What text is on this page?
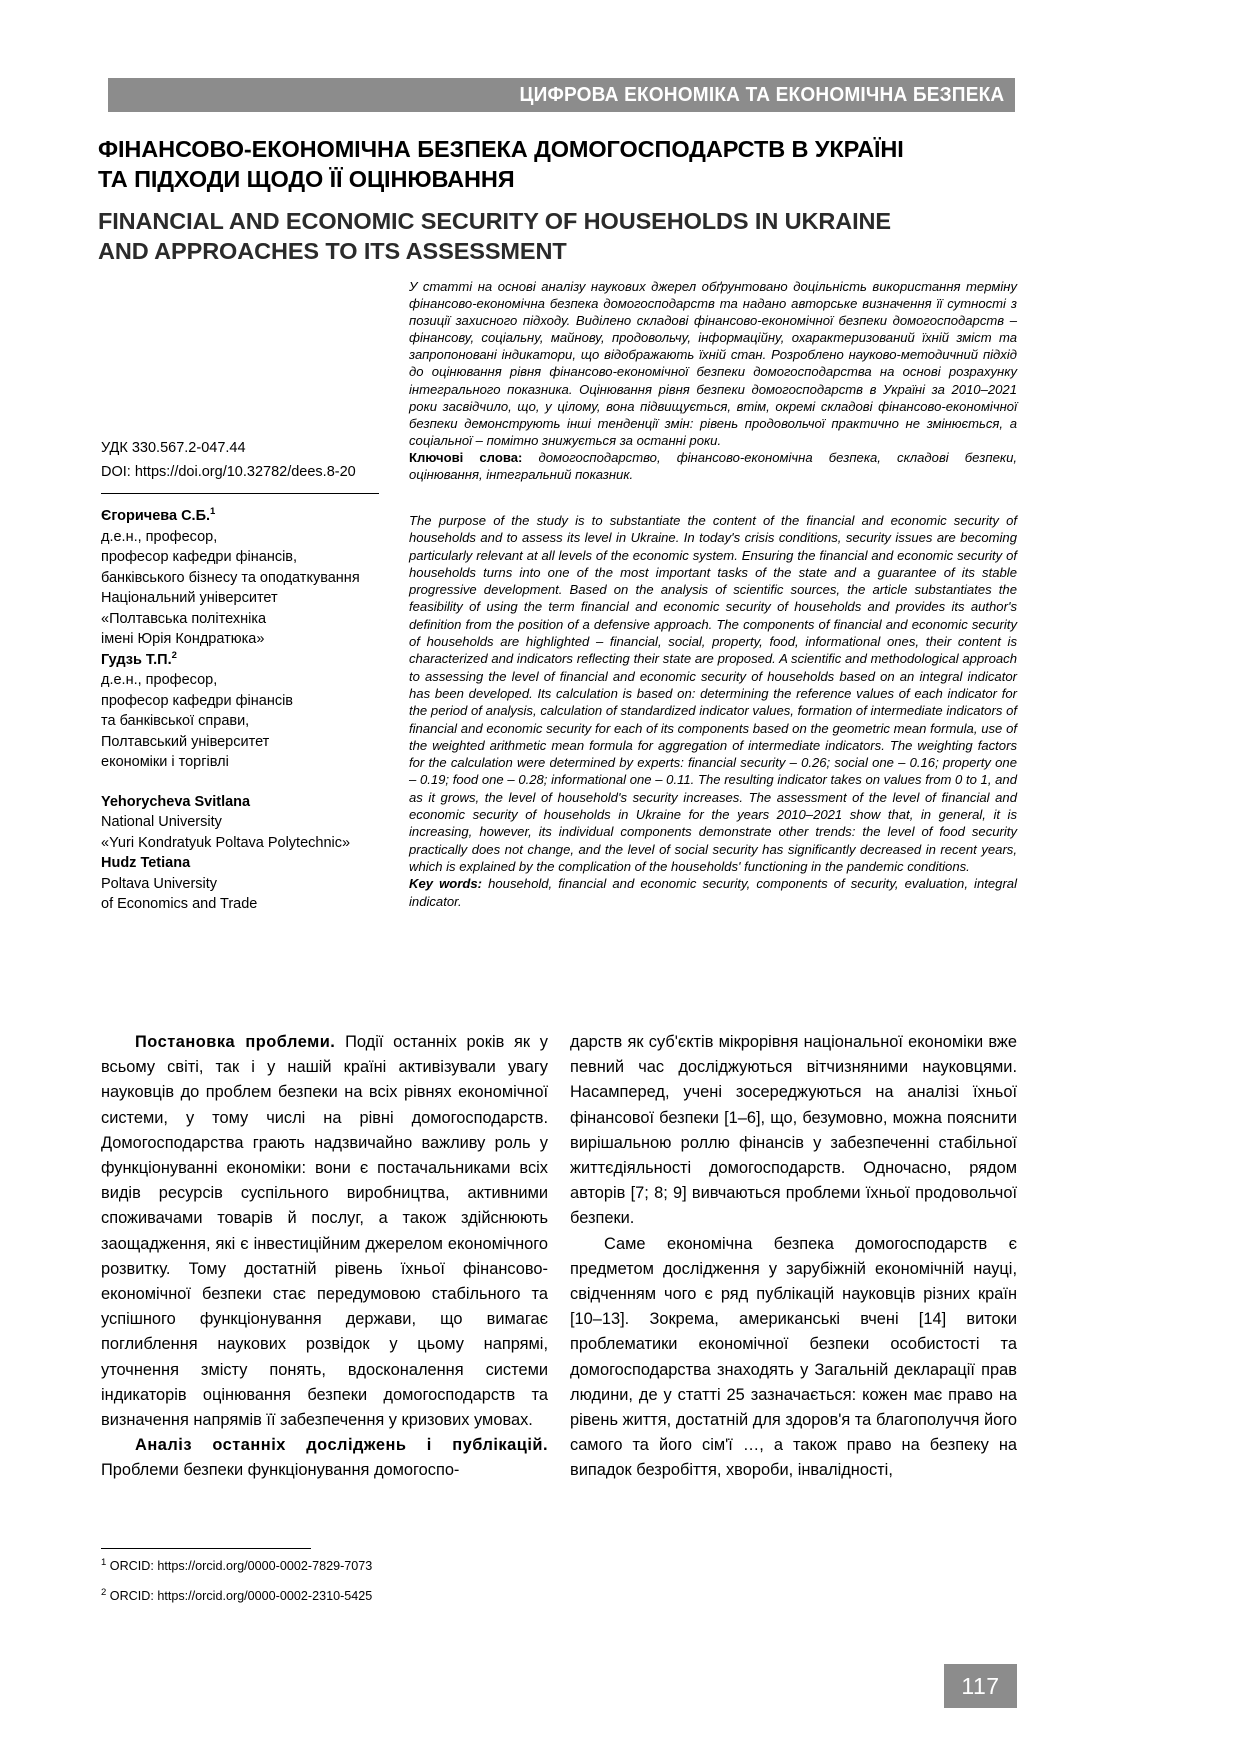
ЦИФРОВА ЕКОНОМІКА ТА ЕКОНОМІЧНА БЕЗПЕКА
ФІНАНСОВО-ЕКОНОМІЧНА БЕЗПЕКА ДОМОГОСПОДАРСТВ В УКРАЇНІ
ТА ПІДХОДИ ЩОДО ЇЇ ОЦІНЮВАННЯ
FINANCIAL AND ECONOMIC SECURITY OF HOUSEHOLDS IN UKRAINE
AND APPROACHES TO ITS ASSESSMENT

УДК 330.567.2-047.44

DOI: https://doi.org/10.32782/dees.8-20

Єгоричева С.Б.$^1$

д.е.н., професор,

професор кафедри фінансів,

банківського бізнесу та оподаткування

Національний університет

«Полтавська політехніка

імені Юрія Кондратюка»

Гудзь Т.П.$^2$

д.е.н., професор,

професор кафедри фінансів

та банківської справи,

Полтавський університет

економіки і торгівлі

Yehorycheva Svitlana

National University

«Yuri Kondratyuk Poltava Polytechnic»

Hudz Tetiana

Poltava University

of Economics and Trade

У статті на основі аналізу наукових джерел обґрунтовано доцільність використання терміну фінансово-економічна безпека домогосподарств та надано авторське визначення її сутності з позиції захисного підходу. Виділено складові фінансово-економічної безпеки домогосподарств – фінансову, соціальну, майнову, продовольчу, інформаційну, охарактеризований їхній зміст та запропоновані індикатори, що відображають їхній стан. Розроблено науково-методичний підхід до оцінювання рівня фінансово-економічної безпеки домогосподарства на основі розрахунку інтегрального показника. Оцінювання рівня безпеки домогосподарств в Україні за 2010–2021 роки засвідчило, що, у цілому, вона підвищується, втім, окремі складові фінансово-економічної безпеки демонструють інші тенденції змін: рівень продовольчої практично не змінюється, а соціальної – помітно знижується за останні роки.

Ключові слова: домогосподарство, фінансово-економічна безпека, складові безпеки, оцінювання, інтегральний показник.

The purpose of the study is to substantiate the content of the financial and economic security of households and to assess its level in Ukraine. In today's crisis conditions, security issues are becoming particularly relevant at all levels of the economic system. Ensuring the financial and economic security of households turns into one of the most important tasks of the state and a guarantee of its stable progressive development. Based on the analysis of scientific sources, the article substantiates the feasibility of using the term financial and economic security of households and provides its author's definition from the position of a defensive approach. The components of financial and economic security of households are highlighted – financial, social, property, food, informational ones, their content is characterized and indicators reflecting their state are proposed. A scientific and methodological approach to assessing the level of financial and economic security of households based on an integral indicator has been developed. Its calculation is based on: determining the reference values of each indicator for the period of analysis, calculation of standardized indicator values, formation of intermediate indicators of financial and economic security for each of its components based on the geometric mean formula, use of the weighted arithmetic mean formula for aggregation of intermediate indicators. The weighting factors for the calculation were determined by experts: financial security – 0.26; social one – 0.16; property one – 0.19; food one – 0.28; informational one – 0.11. The resulting indicator takes on values from 0 to 1, and as it grows, the level of household's security increases. The assessment of the level of financial and economic security of households in Ukraine for the years 2010–2021 show that, in general, it is increasing, however, its individual components demonstrate other trends: the level of food security practically does not change, and the level of social security has significantly decreased in recent years, which is explained by the complication of the households' functioning in the pandemic conditions.

Key words: household, financial and economic security, components of security, evaluation, integral indicator.

Постановка проблеми. Події останніх років як у всьому світі, так і у нашій країні активізували увагу науковців до проблем безпеки на всіх рівнях економічної системи, у тому числі на рівні домогосподарств. Домогосподарства грають надзвичайно важливу роль у функціонуванні економіки: вони є постачальниками всіх видів ресурсів суспільного виробництва, активними споживачами товарів й послуг, а також здійснюють заощадження, які є інвестиційним джерелом економічного розвитку. Тому достатній рівень їхньої фінансово-економічної безпеки стає передумовою стабільного та успішного функціонування держави, що вимагає поглиблення наукових розвідок у цьому напрямі, уточнення змісту понять, вдосконалення системи індикаторів оцінювання безпеки домогосподарств та визначення напрямів її забезпечення у кризових умовах.

Аналіз останніх досліджень і публікацій. Проблеми безпеки функціонування домогоспо-

дарств як суб'єктів мікрорівня національної економіки вже певний час досліджуються вітчизняними науковцями. Насамперед, учені зосереджуються на аналізі їхньої фінансової безпеки [1–6], що, безумовно, можна пояснити вирішальною роллю фінансів у забезпеченні стабільної життєдіяльності домогосподарств. Одночасно, рядом авторів [7; 8; 9] вивчаються проблеми їхньої продовольчої безпеки.

Саме економічна безпека домогосподарств є предметом дослідження у зарубіжній економічній науці, свідченням чого є ряд публікацій науковців різних країн [10–13]. Зокрема, американські вчені [14] витоки проблематики економічної безпеки особистості та домогосподарства знаходять у Загальній декларації прав людини, де у статті 25 зазначається: кожен має право на рівень життя, достатній для здоров'я та благополуччя його самого та його сім'ї …, а також право на безпеку на випадок безробіття, хвороби, інвалідності,

$^1$ ORCID: https://orcid.org/0000-0002-7829-7073

$^2$ ORCID: https://orcid.org/0000-0002-2310-5425

117
